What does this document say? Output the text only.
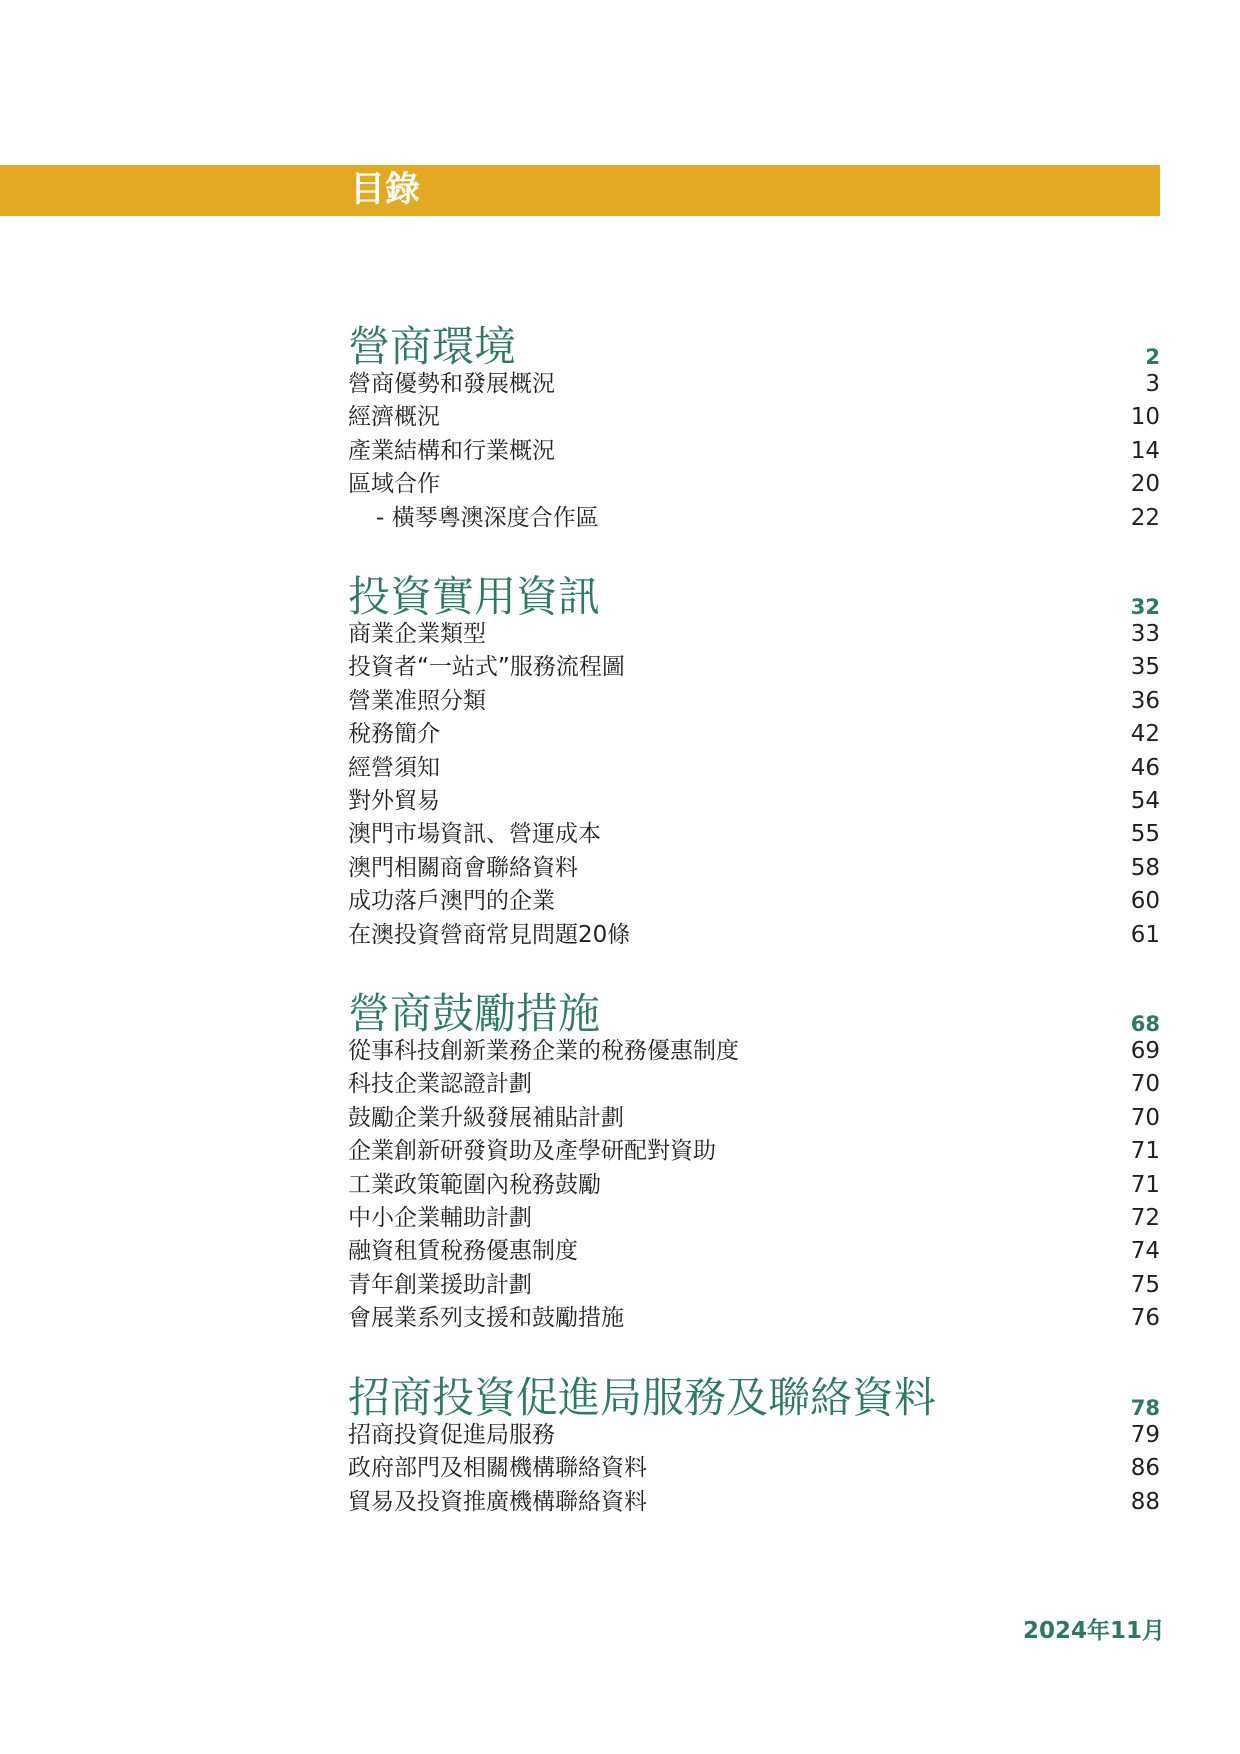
目錄
營商環境	2
營商優勢和發展概況	3
經濟概況	10
產業結構和行業概況	14
區域合作	20
- 橫琴粵澳深度合作區	22
投資實用資訊	32
商業企業類型	33
投資者“一站式”服務流程圖	35
營業准照分類	36
稅務簡介	42
經營須知	46
對外貿易	54
澳門市場資訊、營運成本	55
澳門相關商會聯絡資料	58
成功落戶澳門的企業	60
在澳投資營商常見問題20條	61
營商鼓勵措施	68
從事科技創新業務企業的稅務優惠制度	69
科技企業認證計劃	70
鼓勵企業升級發展補貼計劃	70
企業創新研發資助及產學研配對資助	71
工業政策範圍內稅務鼓勵	71
中小企業輔助計劃	72
融資租賃稅務優惠制度	74
青年創業援助計劃	75
會展業系列支援和鼓勵措施	76
招商投資促進局服務及聯絡資料	78
招商投資促進局服務	79
政府部門及相關機構聯絡資料	86
貿易及投資推廣機構聯絡資料	88
2024年11月
